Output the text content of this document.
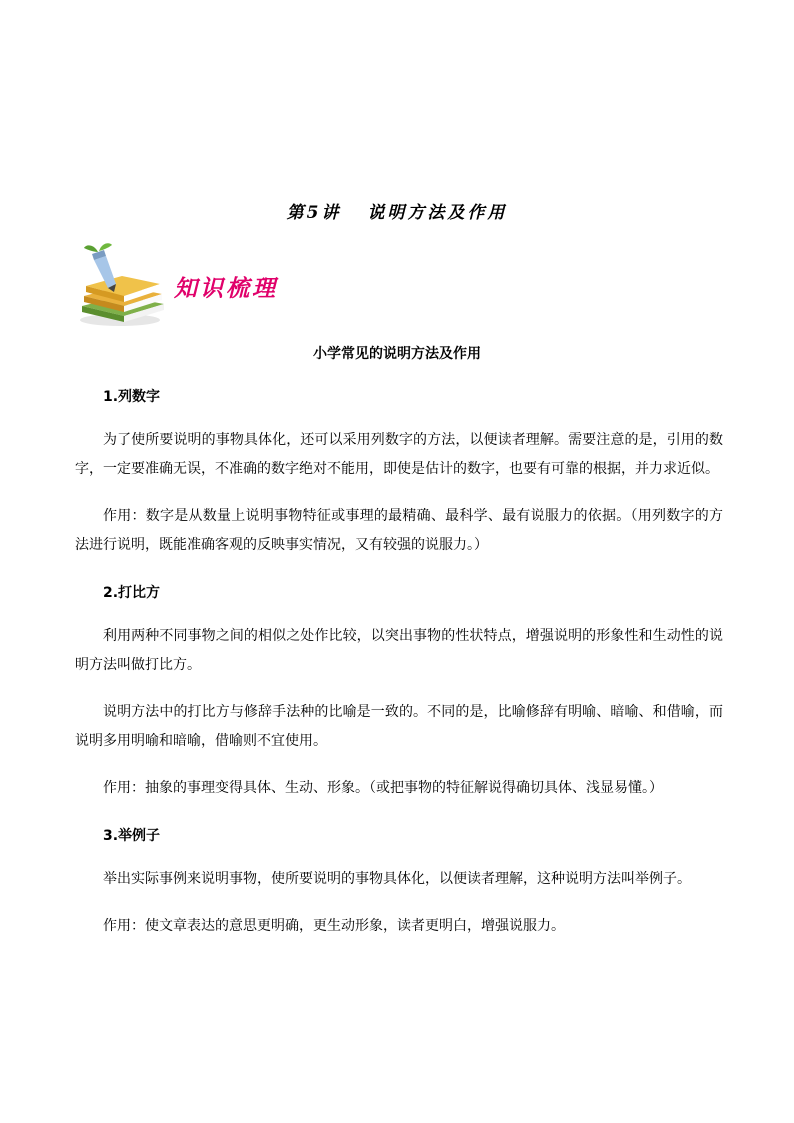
第5讲 说明方法及作用
知识梳理
小学常见的说明方法及作用
1.列数字

为了使所要说明的事物具体化，还可以采用列数字的方法，以便读者理解。需要注意的是，引用的数字，一定要准确无误，不准确的数字绝对不能用，即使是估计的数字，也要有可靠的根据，并力求近似。

作用：数字是从数量上说明事物特征或事理的最精确、最科学、最有说服力的依据。（用列数字的方法进行说明，既能准确客观的反映事实情况，又有较强的说服力。）

2.打比方

利用两种不同事物之间的相似之处作比较，以突出事物的性状特点，增强说明的形象性和生动性的说明方法叫做打比方。

说明方法中的打比方与修辞手法种的比喻是一致的。不同的是，比喻修辞有明喻、暗喻、和借喻，而说明多用明喻和暗喻，借喻则不宜使用。

作用：抽象的事理变得具体、生动、形象。（或把事物的特征解说得确切具体、浅显易懂。）

3.举例子

举出实际事例来说明事物，使所要说明的事物具体化，以便读者理解，这种说明方法叫举例子。

作用：使文章表达的意思更明确，更生动形象，读者更明白，增强说服力。
